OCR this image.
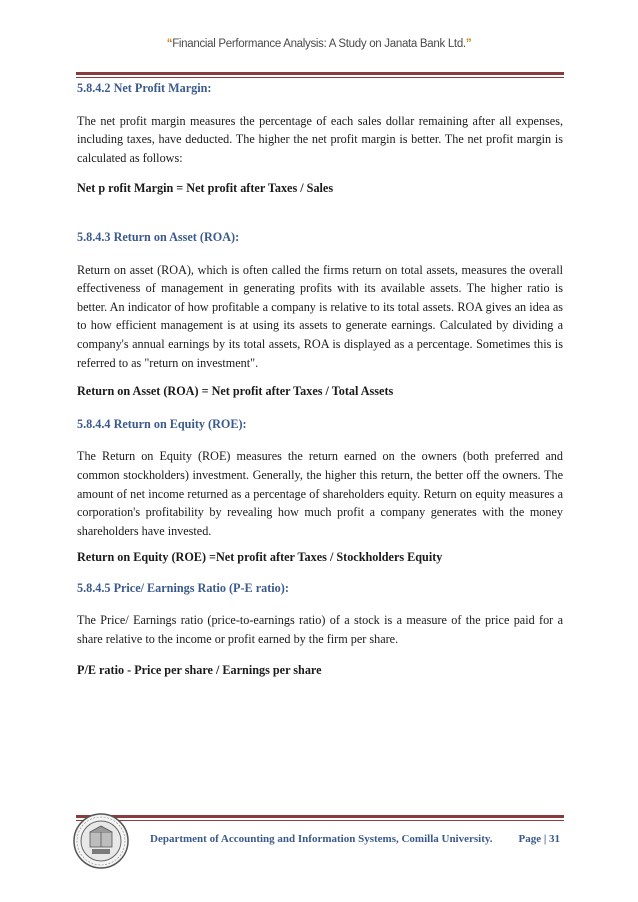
“Financial Performance Analysis: A Study on Janata Bank Ltd.”

5.8.4.2 Net Profit Margin:

The net profit margin measures the percentage of each sales dollar remaining after all expenses, including taxes, have deducted. The higher the net profit margin is better. The net profit margin is calculated as follows:

Net p rofit Margin = Net profit after Taxes / Sales

5.8.4.3 Return on Asset (ROA):

Return on asset (ROA), which is often called the firms return on total assets, measures the overall effectiveness of management in generating profits with its available assets. The higher ratio is better. An indicator of how profitable a company is relative to its total assets. ROA gives an idea as to how efficient management is at using its assets to generate earnings. Calculated by dividing a company's annual earnings by its total assets, ROA is displayed as a percentage. Sometimes this is referred to as "return on investment".

Return on Asset (ROA) = Net profit after Taxes / Total Assets

5.8.4.4 Return on Equity (ROE):

The Return on Equity (ROE) measures the return earned on the owners (both preferred and common stockholders) investment. Generally, the higher this return, the better off the owners. The amount of net income returned as a percentage of shareholders equity. Return on equity measures a corporation's profitability by revealing how much profit a company generates with the money shareholders have invested.

Return on Equity (ROE) =Net profit after Taxes / Stockholders Equity

5.8.4.5 Price/ Earnings Ratio (P-E ratio):

The Price/ Earnings ratio (price-to-earnings ratio) of a stock is a measure of the price paid for a share relative to the income or profit earned by the firm per share.

P/E ratio - Price per share / Earnings per share

Department of Accounting and Information Systems, Comilla University. Page | 31
